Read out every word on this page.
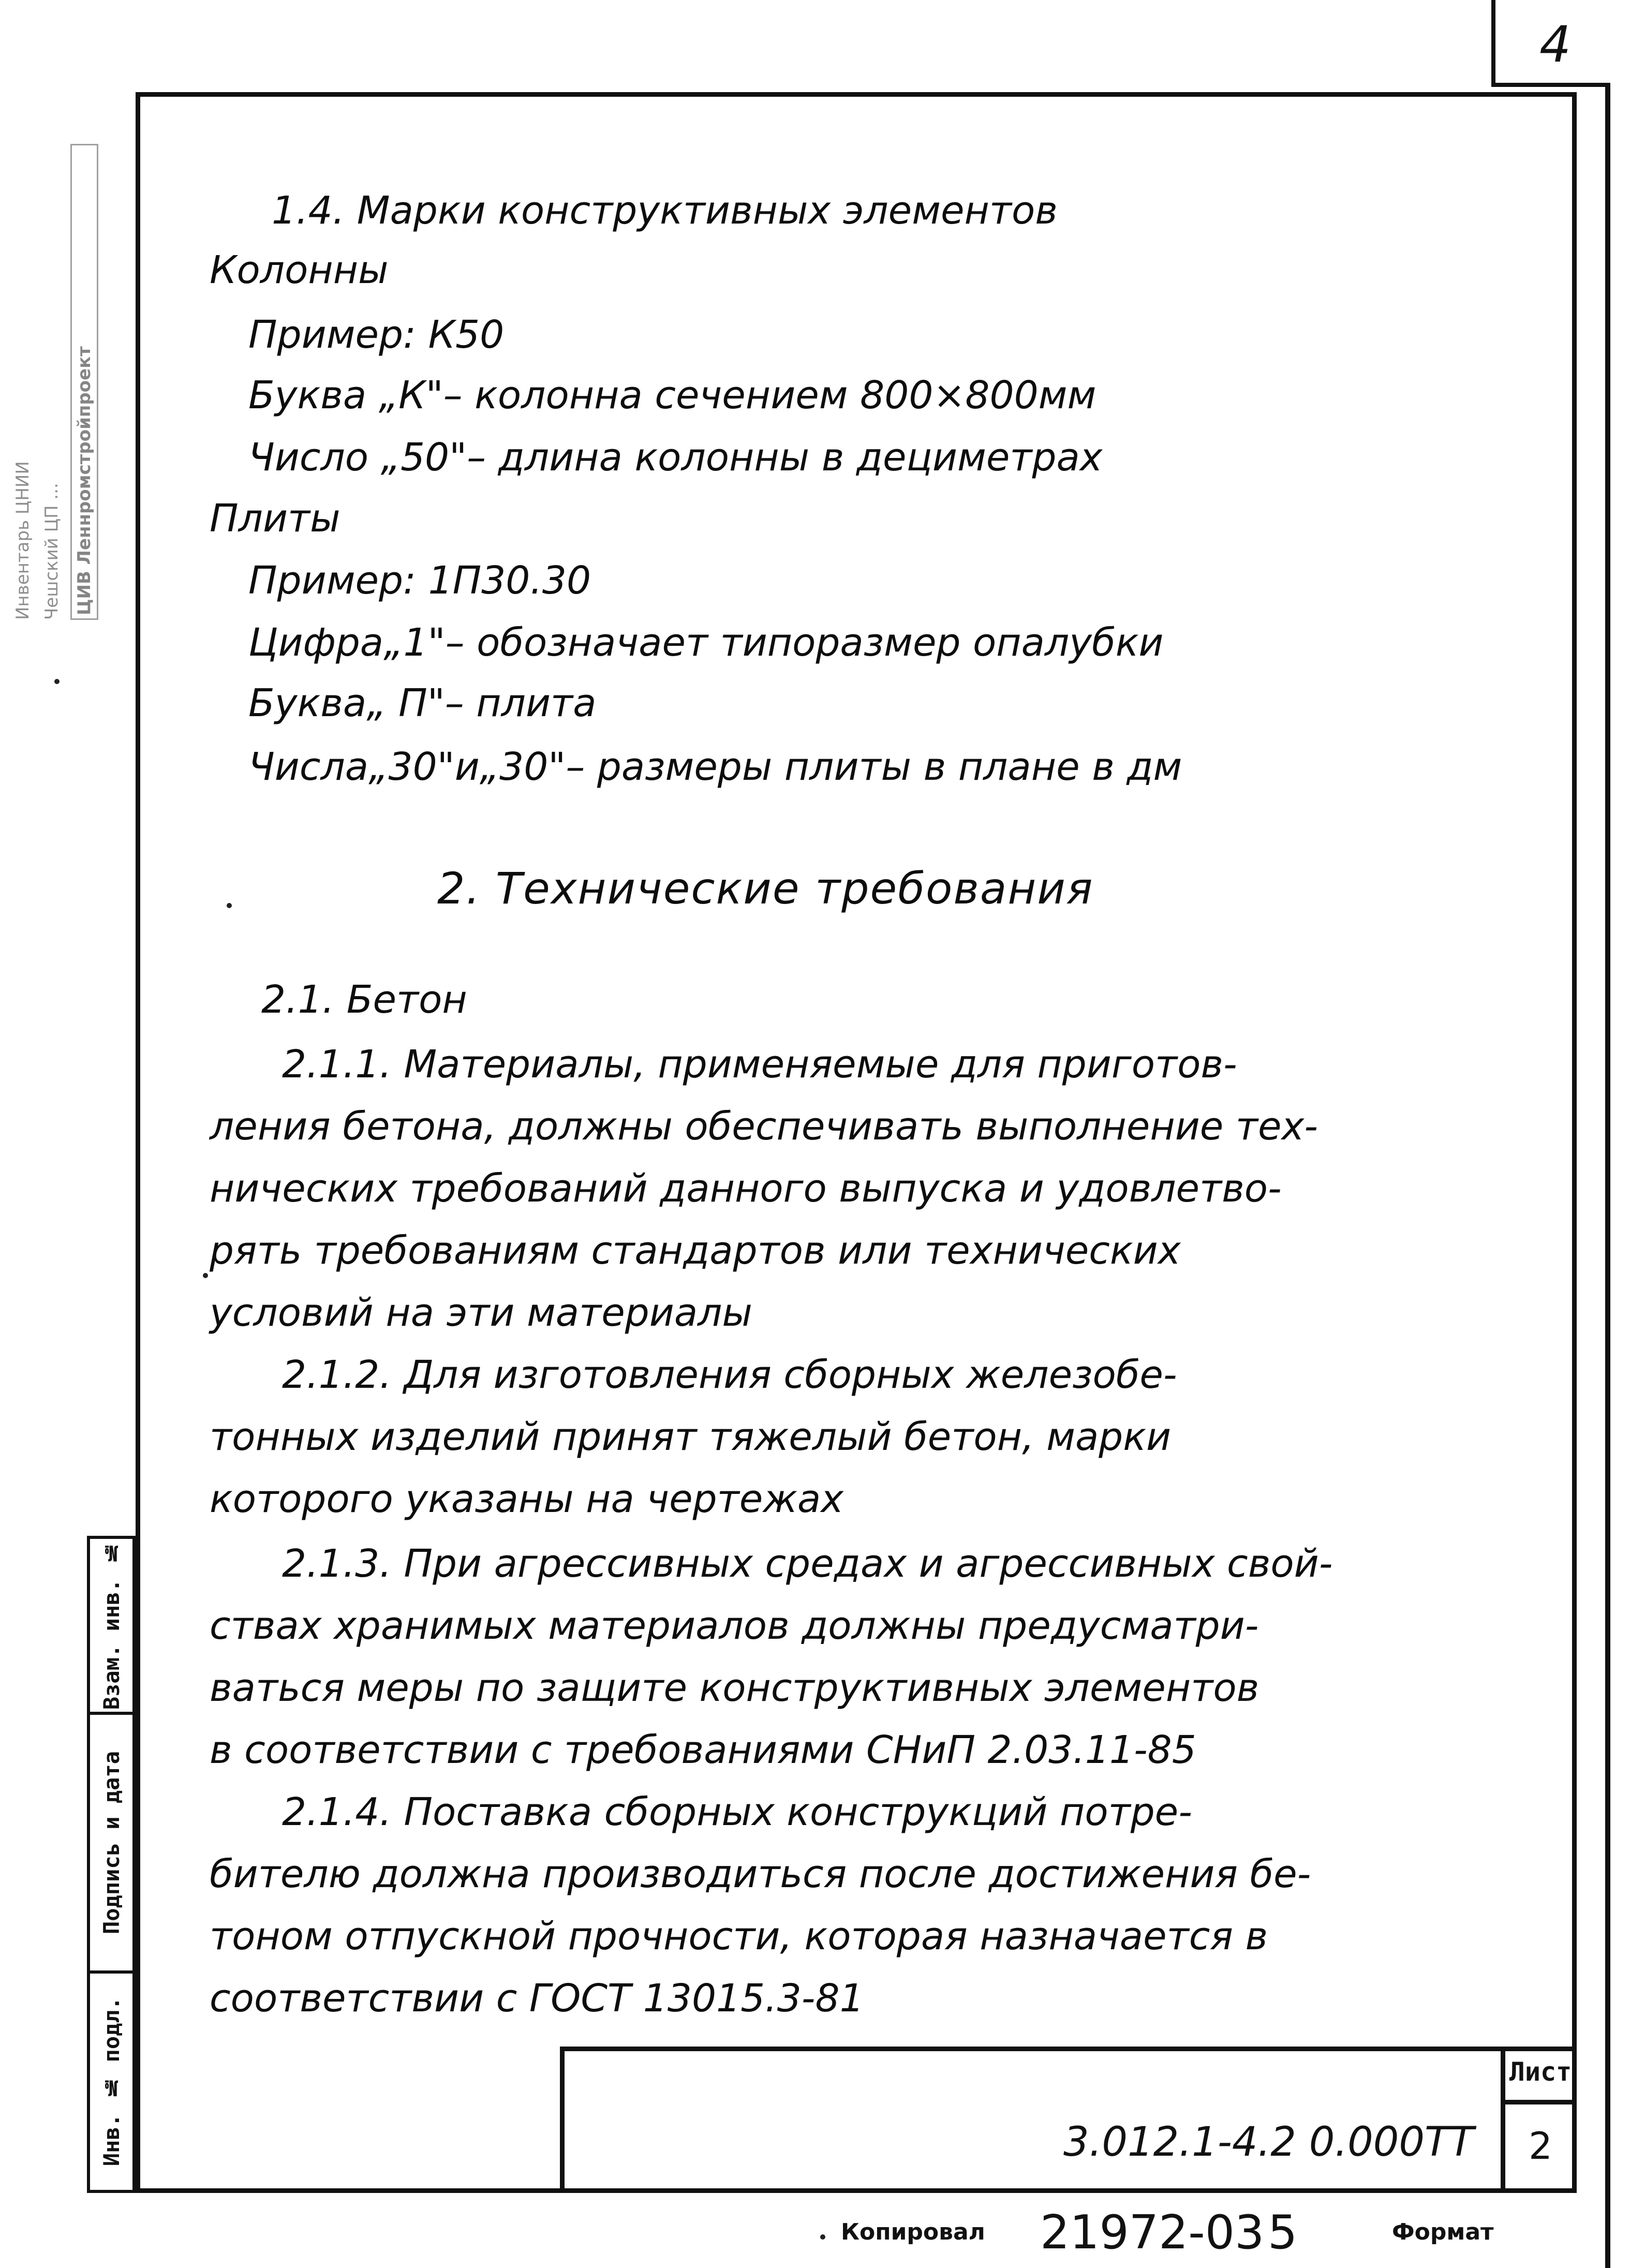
4
Инвентарь ЦНИИ Чешский ЦП ... ЦИВ Леннромстройпроект
Взам. инв. №
Подпись и дата
Инв. № подл.
1.4. Марки конструктивных элементов
Колонны
Пример: К50
Буква „К"– колонна сечением 800×800мм
Число „50"– длина колонны в дециметрах
Плиты
Пример: 1П30.30
Цифра„1"– обозначает типоразмер опалубки
Буква„ П"– плита
Числа„30"и„30"– размеры плиты в плане в дм
2. Технические требования
2.1. Бетон
2.1.1. Материалы, применяемые для приготов-
ления бетона, должны обеспечивать выполнение тех-
нических требований данного выпуска и удовлетво-
рять требованиям стандартов или технических
условий на эти материалы
2.1.2. Для изготовления сборных железобе-
тонных изделий принят тяжелый бетон, марки
которого указаны на чертежах
2.1.3. При агрессивных средах и агрессивных свой-
ствах хранимых материалов должны предусматри-
ваться меры по защите конструктивных элементов
в соответствии с требованиями СНиП 2.03.11-85
2.1.4. Поставка сборных конструкций потре-
бителю должна производиться после достижения бе-
тоном отпускной прочности, которая назначается в
соответствии с ГОСТ 13015.3-81
Лист
2
3.012.1-4.2 0.000ТТ
Копировал 21972-03 5	Формат
